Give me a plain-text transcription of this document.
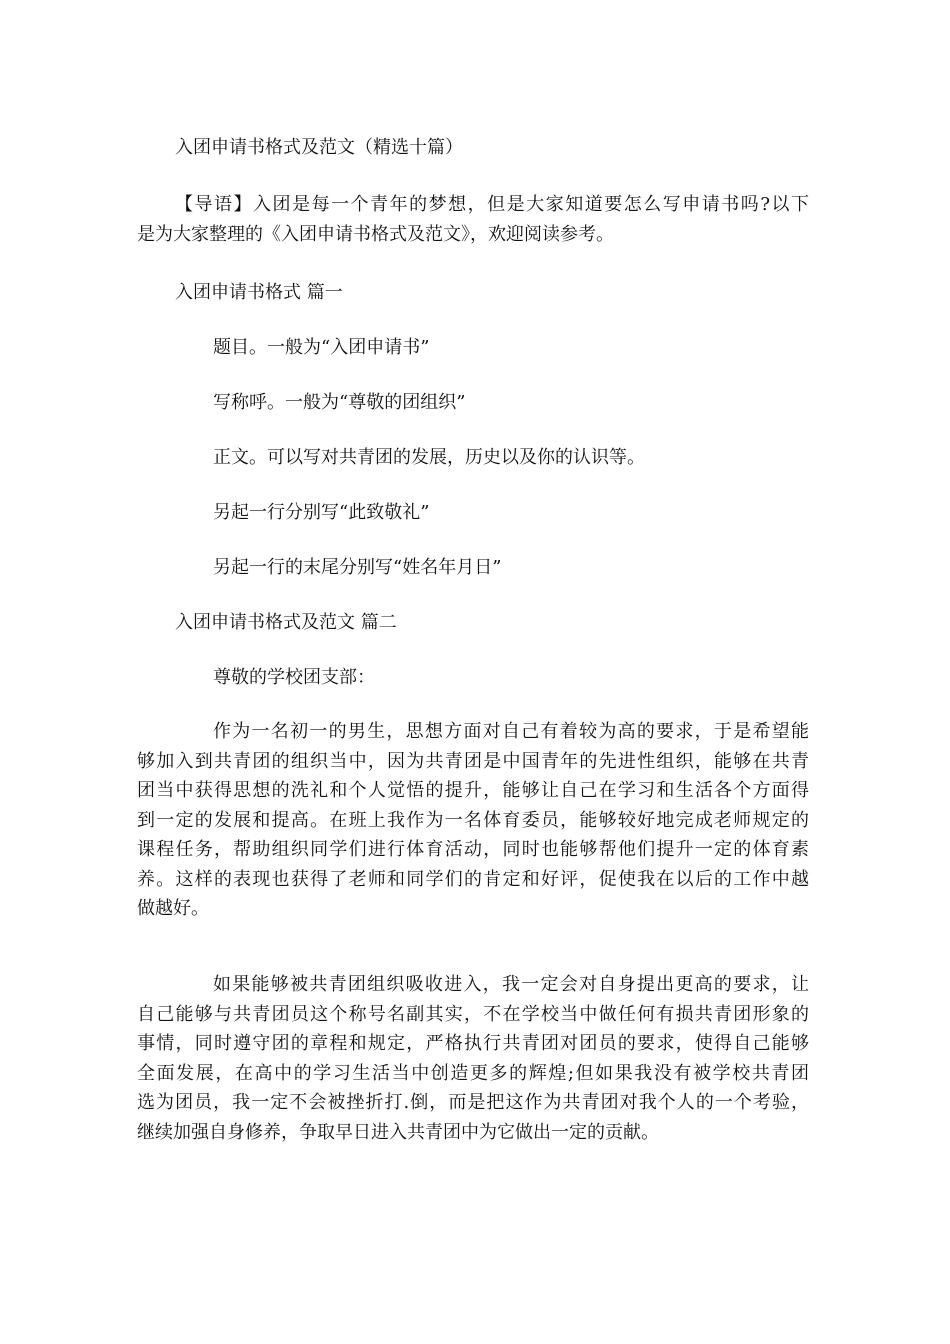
入团申请书格式及范文（精选十篇）

【导语】入团是每一个青年的梦想，但是大家知道要怎么写申请书吗?以下
是为大家整理的《入团申请书格式及范文》，欢迎阅读参考。

入团申请书格式 篇一

题目。一般为“入团申请书”

写称呼。一般为“尊敬的团组织”

正文。可以写对共青团的发展，历史以及你的认识等。

另起一行分别写“此致敬礼”

另起一行的末尾分别写“姓名年月日”

入团申请书格式及范文 篇二

尊敬的学校团支部：

作为一名初一的男生，思想方面对自己有着较为高的要求，于是希望能
够加入到共青团的组织当中，因为共青团是中国青年的先进性组织，能够在共青
团当中获得思想的洗礼和个人觉悟的提升，能够让自己在学习和生活各个方面得
到一定的发展和提高。在班上我作为一名体育委员，能够较好地完成老师规定的
课程任务，帮助组织同学们进行体育活动，同时也能够帮他们提升一定的体育素
养。这样的表现也获得了老师和同学们的肯定和好评，促使我在以后的工作中越
做越好。
如果能够被共青团组织吸收进入，我一定会对自身提出更高的要求，让
自己能够与共青团员这个称号名副其实，不在学校当中做任何有损共青团形象的
事情，同时遵守团的章程和规定，严格执行共青团对团员的要求，使得自己能够
全面发展，在高中的学习生活当中创造更多的辉煌;但如果我没有被学校共青团
选为团员，我一定不会被挫折打.倒，而是把这作为共青团对我个人的一个考验，
继续加强自身修养，争取早日进入共青团中为它做出一定的贡献。
